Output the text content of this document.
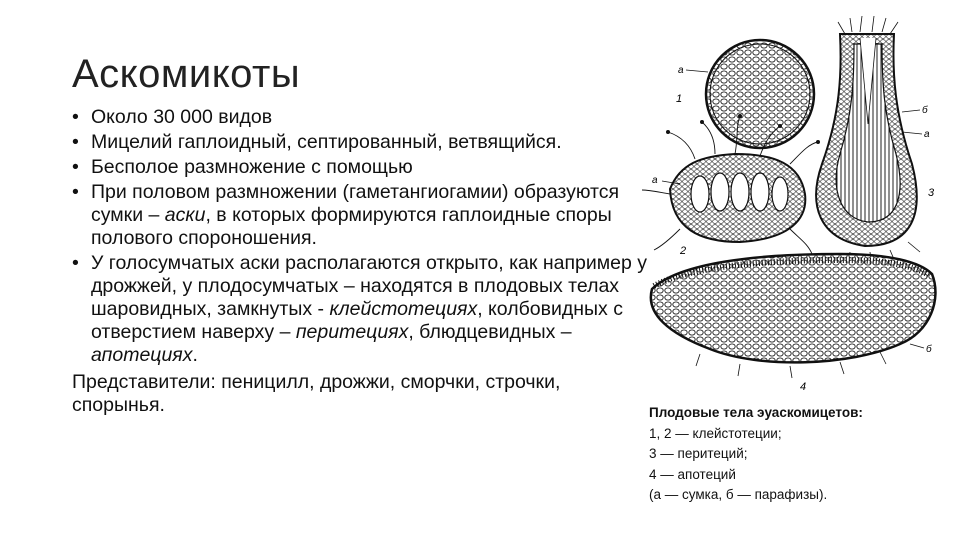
Аскомикоты
• Около 30 000 видов
• Мицелий гаплоидный, септированный, ветвящийся.
• Бесполое размножение с помощью
• При половом размножении (гаметангиогамии) образуются сумки – аски, в которых формируются гаплоидные споры полового спороношения.
• У голосумчатых аски располагаются открыто, как например у дрожжей, у плодосумчатых – находятся в плодовых телах шаровидных, замкнутых - клейстотециях, колбовидных с отверстием наверху – перитециях, блюдцевидных – апотециях.
Представители: пеницилл, дрожжи, сморчки, строчки, спорынья.
а
1
а
2
б
а
3
б
4
Плодовые тела эуаскомицетов:
1, 2 — клейстотеции;
3 — перитеций;
4 — апотеций
(а — сумка, б — парафизы).
